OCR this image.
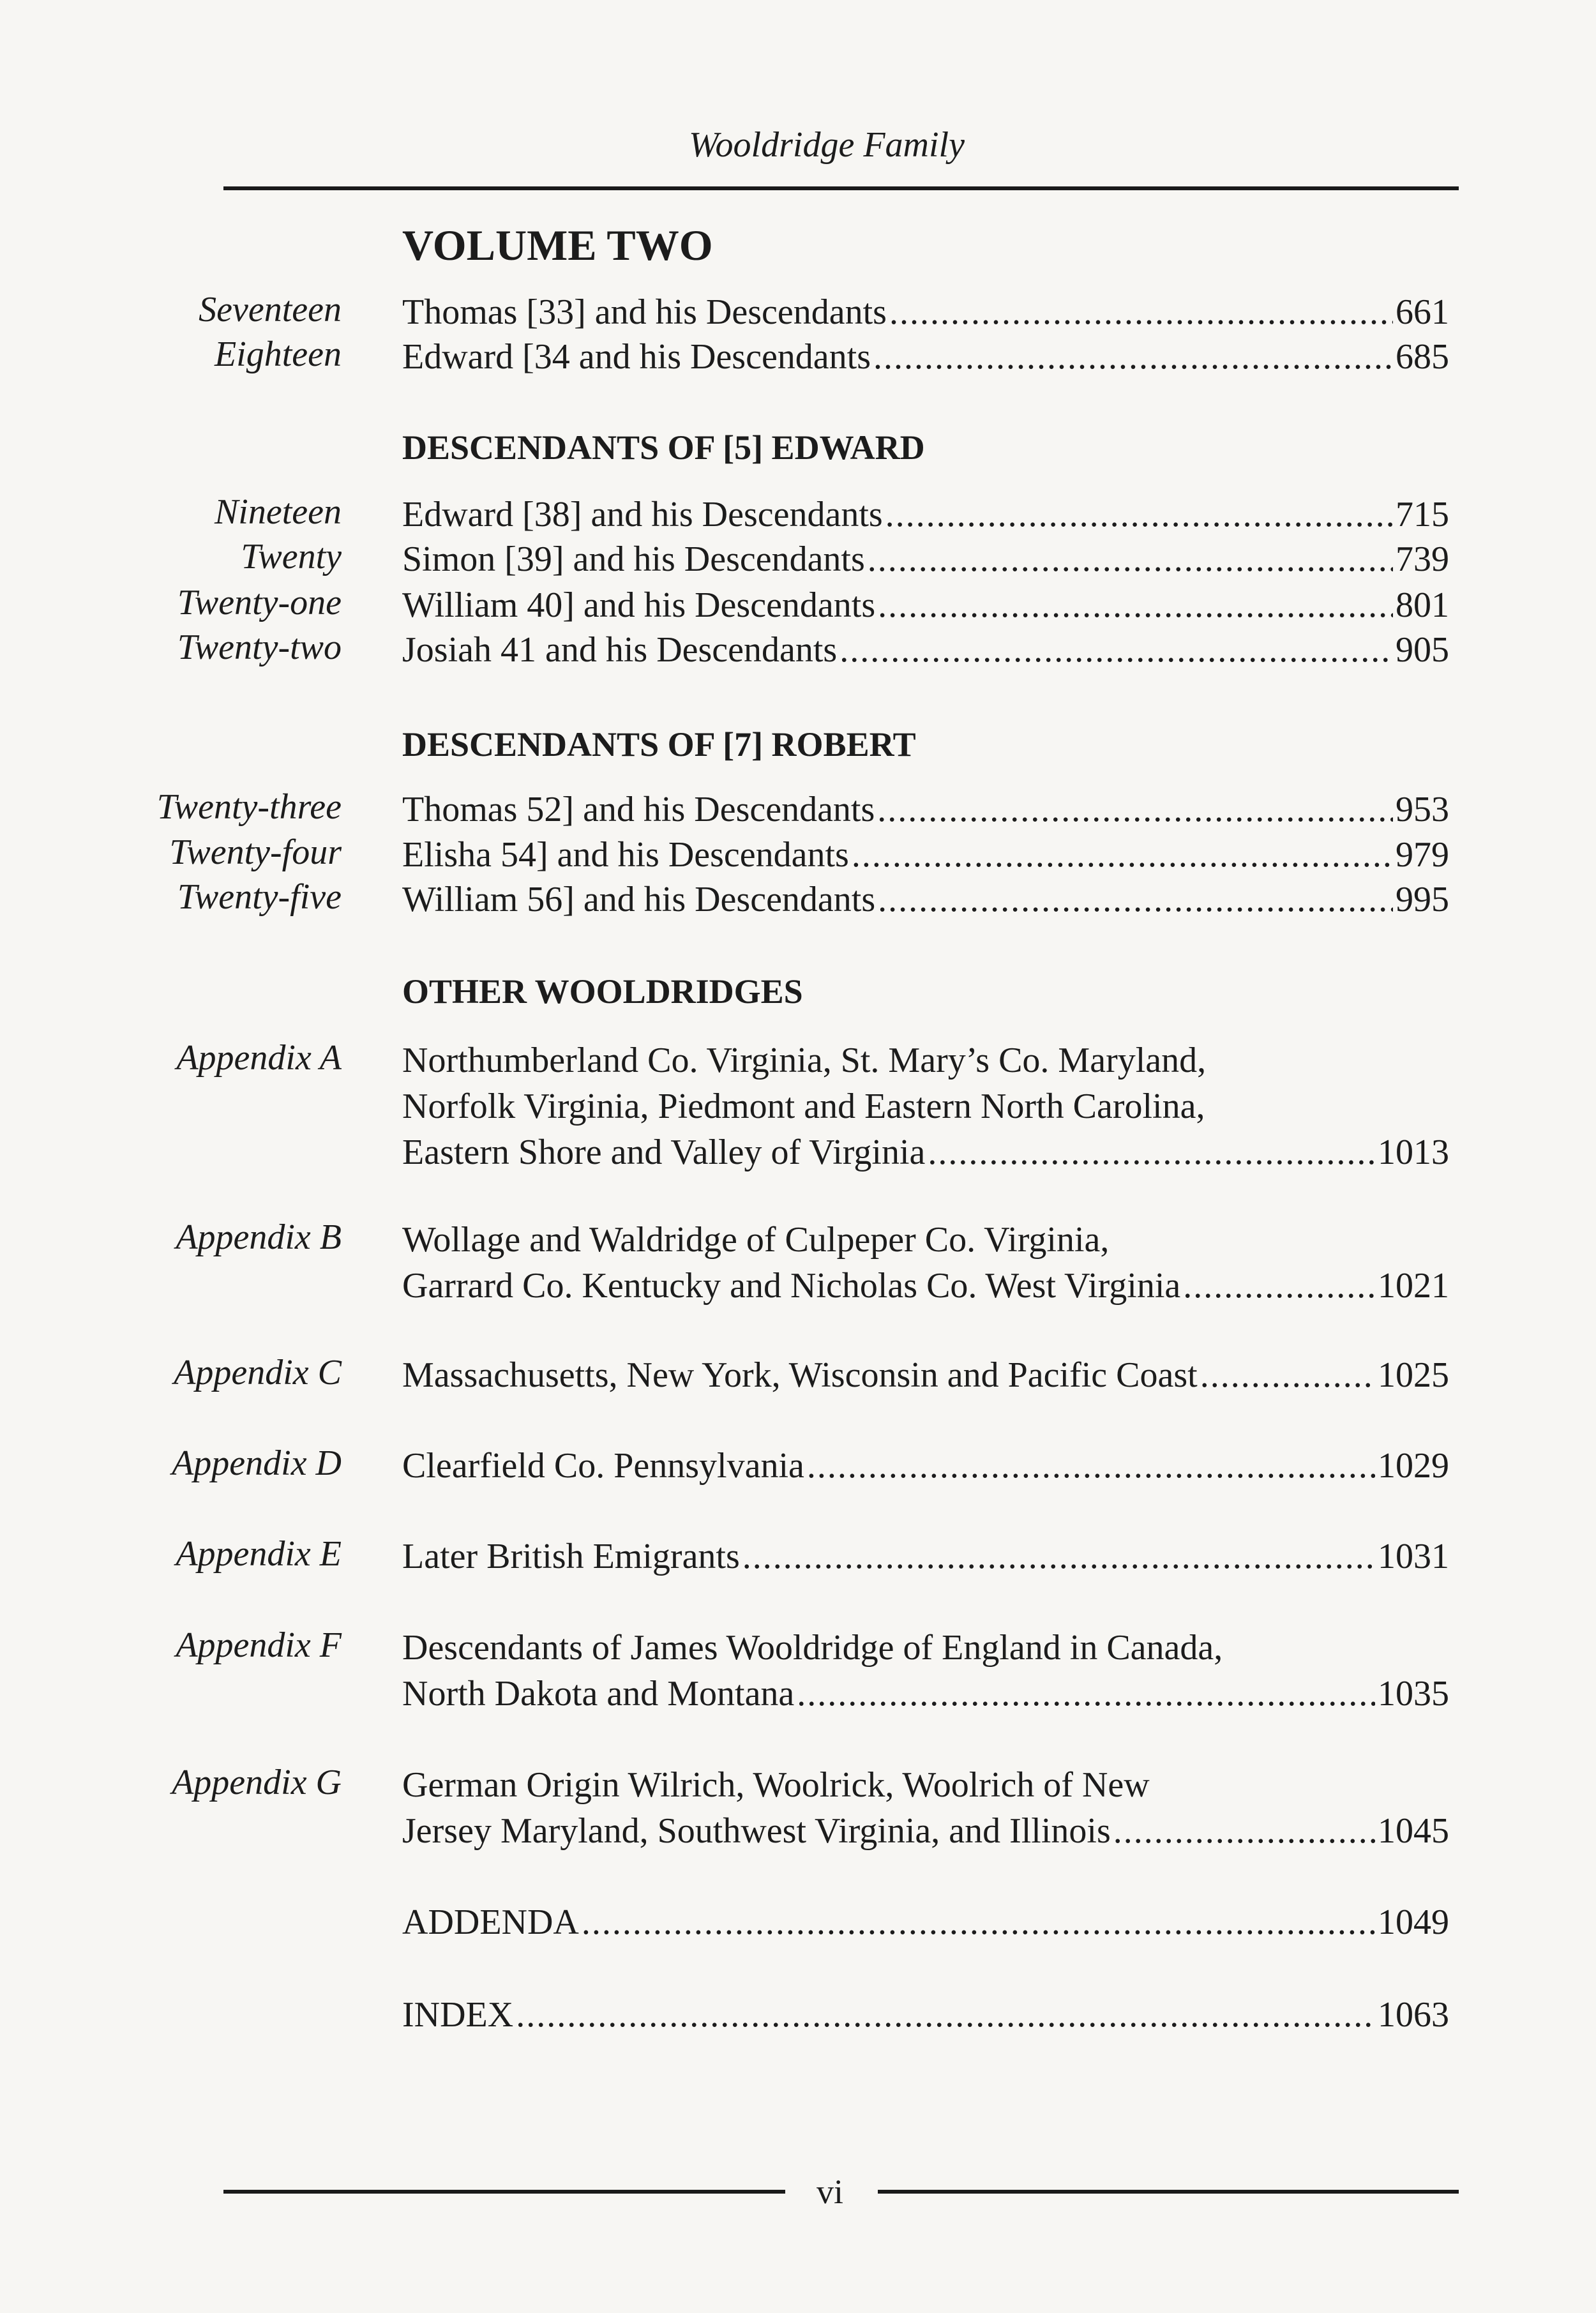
Wooldridge Family
VOLUME TWO
Seventeen Thomas [33] and his Descendants .....	661
Eighteen Edward [34 and his Descendants .....	685
DESCENDANTS OF [5] EDWARD
Nineteen Edward [38] and his Descendants .....	715
Twenty Simon [39] and his Descendants .....	739
Twenty-one William 40] and his Descendants .....	801
Twenty-two Josiah 41 and his Descendants .....	905
DESCENDANTS OF [7] ROBERT
Twenty-three Thomas 52] and his Descendants .....	953
Twenty-four Elisha 54] and his Descendants .....	979
Twenty-five William 56] and his Descendants .....	995
OTHER WOOLDRIDGES
Appendix A Northumberland Co. Virginia, St. Mary’s Co. Maryland,
Norfolk Virginia, Piedmont and Eastern North Carolina,
Eastern Shore and Valley of Virginia .....	1013
Appendix B Wollage and Waldridge of Culpeper Co. Virginia,
Garrard Co. Kentucky and Nicholas Co. West Virginia .....	1021
Appendix C Massachusetts, New York, Wisconsin and Pacific Coast .....	1025
Appendix D Clearfield Co. Pennsylvania .....	1029
Appendix E Later British Emigrants .....	1031
Appendix F Descendants of James Wooldridge of England in Canada,
North Dakota and Montana .....	1035
Appendix G German Origin Wilrich, Woolrick, Woolrich of New
Jersey Maryland, Southwest Virginia, and Illinois .....	1045
ADDENDA .....	1049
INDEX .....	1063
vi
